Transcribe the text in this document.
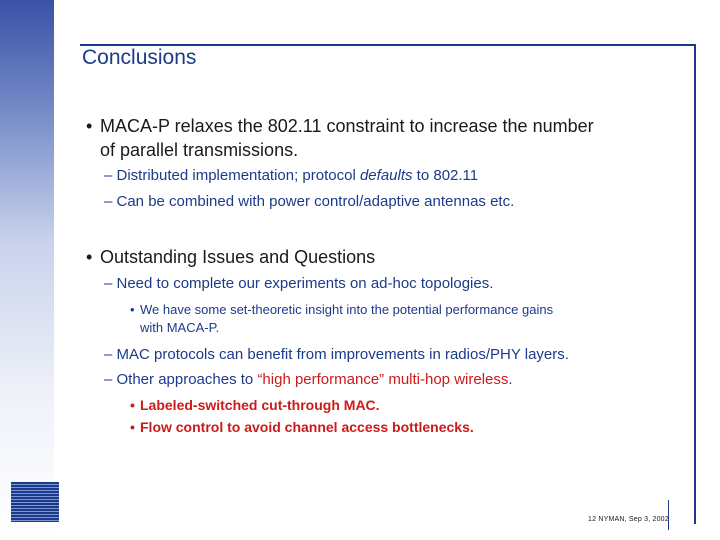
Conclusions
• MACA-P relaxes the 802.11 constraint to increase the number
of parallel transmissions.
– Distributed implementation; protocol defaults to 802.11
– Can be combined with power control/adaptive antennas etc.
• Outstanding Issues and Questions
– Need to complete our experiments on ad-hoc topologies.
• We have some set-theoretic insight into the potential performance gains
with MACA-P.
– MAC protocols can benefit from improvements in radios/PHY layers.
– Other approaches to “high performance” multi-hop wireless.
• Labeled-switched cut-through MAC.
• Flow control to avoid channel access bottlenecks.
12 NYMAN, Sep 3, 2002
